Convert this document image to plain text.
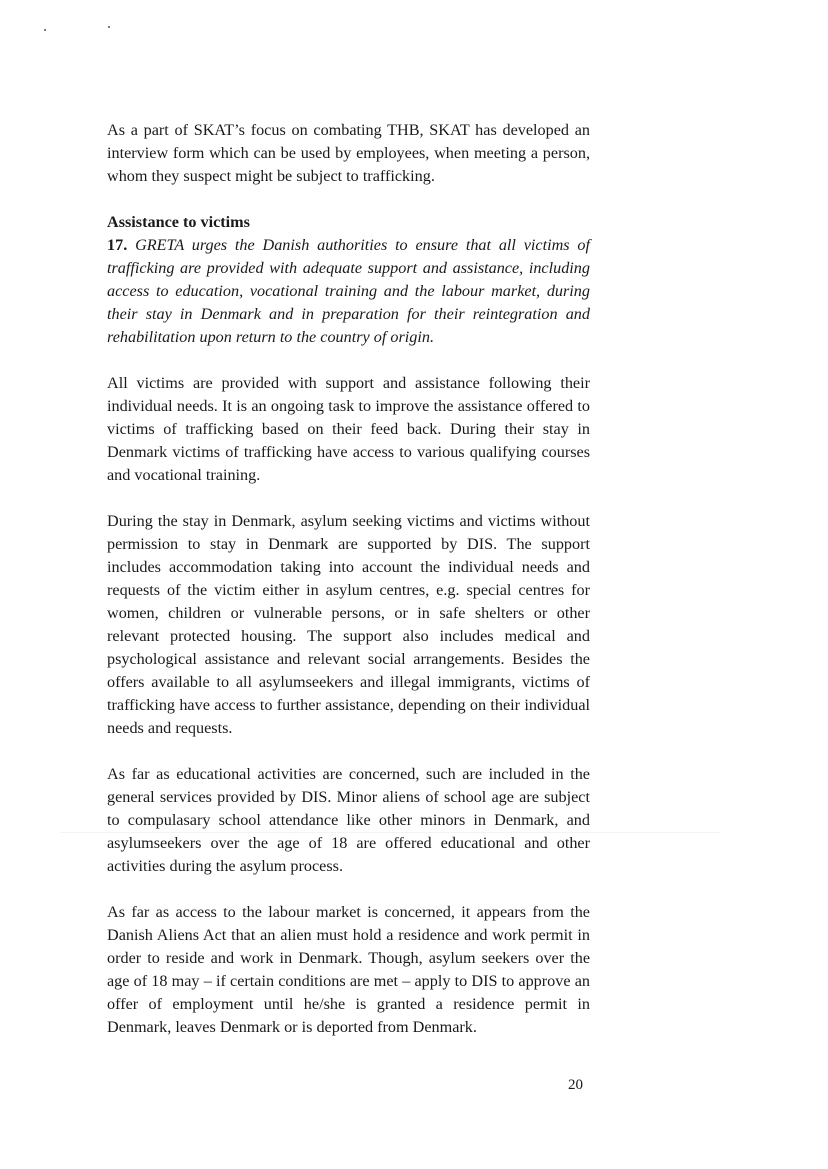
As a part of SKAT’s focus on combating THB, SKAT has developed an interview form which can be used by employees, when meeting a person, whom they suspect might be subject to trafficking.

Assistance to victims

17. GRETA urges the Danish authorities to ensure that all victims of trafficking are provided with adequate support and assistance, including access to education, vocational training and the labour market, during their stay in Denmark and in preparation for their reintegration and rehabilitation upon return to the country of origin.

All victims are provided with support and assistance following their individual needs. It is an ongoing task to improve the assistance offered to victims of trafficking based on their feed back. During their stay in Denmark victims of trafficking have access to various qualifying courses and vocational training.

During the stay in Denmark, asylum seeking victims and victims without permission to stay in Denmark are supported by DIS. The support includes accommodation taking into account the individual needs and requests of the victim either in asylum centres, e.g. special centres for women, children or vulnerable persons, or in safe shelters or other relevant protected housing. The support also includes medical and psychological assistance and relevant social arrangements. Besides the offers available to all asylumseekers and illegal immigrants, victims of trafficking have access to further assistance, depending on their individual needs and requests.

As far as educational activities are concerned, such are included in the general services provided by DIS. Minor aliens of school age are subject to compulasary school attendance like other minors in Denmark, and asylumseekers over the age of 18 are offered educational and other activities during the asylum process.

As far as access to the labour market is concerned, it appears from the Danish Aliens Act that an alien must hold a residence and work permit in order to reside and work in Denmark. Though, asylum seekers over the age of 18 may – if certain conditions are met – apply to DIS to approve an offer of employment until he/she is granted a residence permit in Denmark, leaves Denmark or is deported from Denmark.

20
